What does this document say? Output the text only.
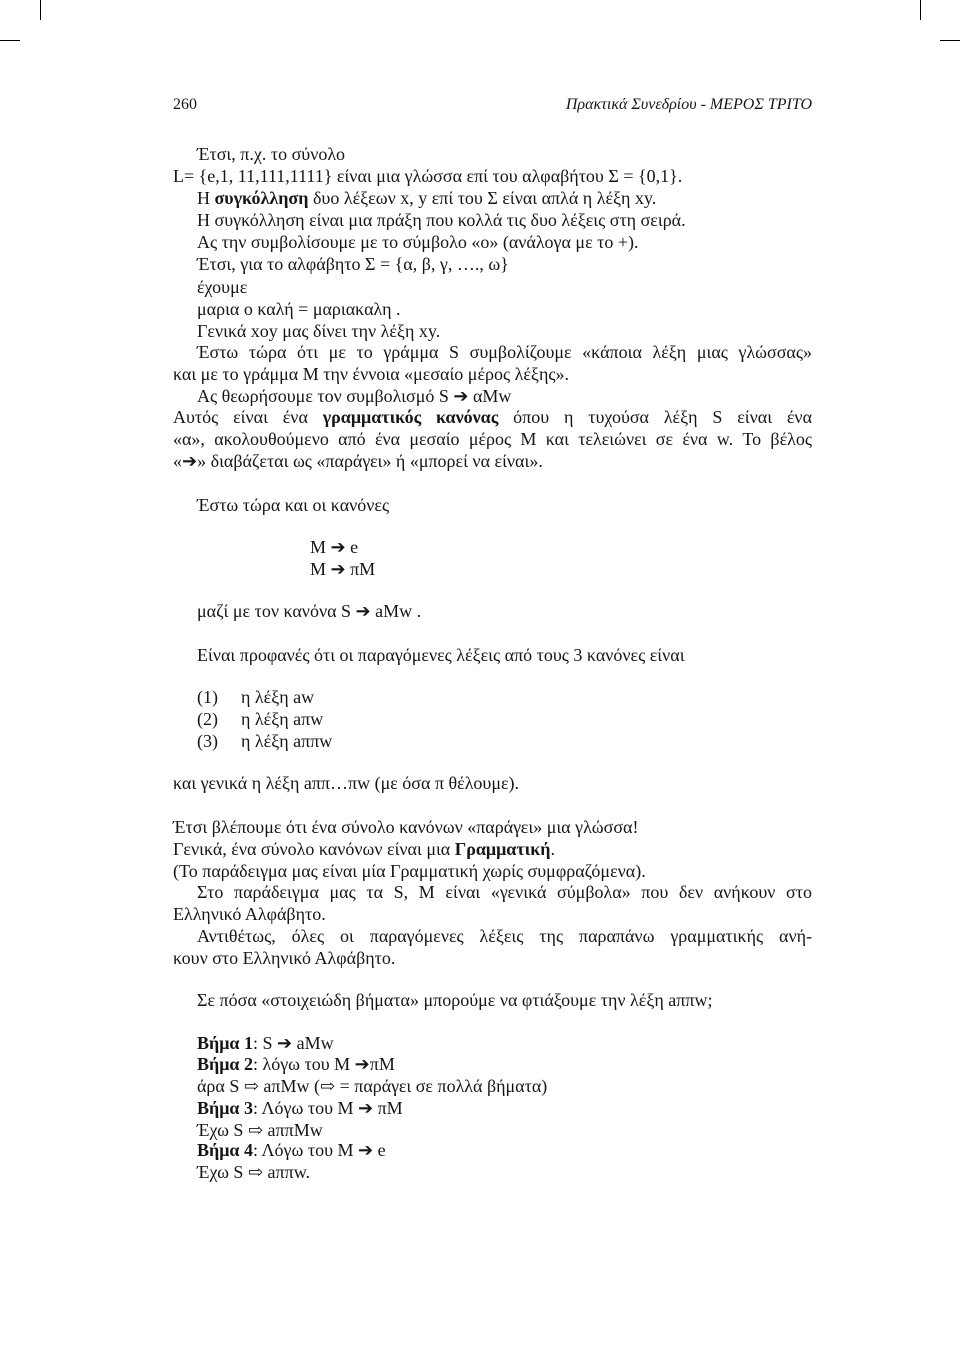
260	Πρακτικά Συνεδρίου - ΜΕΡΟΣ ΤΡΙΤΟ
Έτσι, π.χ. το σύνολο
L= {e,1, 11,111,1111} είναι μια γλώσσα επί του αλφαβήτου Σ = {0,1}.
Η συγκόλληση δυο λέξεων x, y επί του Σ είναι απλά η λέξη xy.
Η συγκόλληση είναι μια πράξη που κολλά τις δυο λέξεις στη σειρά.
Ας την συμβολίσουμε με το σύμβολο «ο» (ανάλογα με το +).
Έτσι, για το αλφάβητο Σ = {α, β, γ, …., ω}
έχουμε
μαρια ο καλή = μαριακαλη .
Γενικά xoy μας δίνει την λέξη xy.
Έστω τώρα ότι με το γράμμα S συμβολίζουμε «κάποια λέξη μιας γλώσσας»
και με το γράμμα Μ την έννοια «μεσαίο μέρος λέξης».
Ας θεωρήσουμε τον συμβολισμό S ➔ αMw
Αυτός είναι ένα γραμματικός κανόνας όπου η τυχούσα λέξη S είναι ένα
«α», ακολουθούμενο από ένα μεσαίο μέρος Μ και τελειώνει σε ένα w. Το βέλος
«➔» διαβάζεται ως «παράγει» ή «μπορεί να είναι».
Έστω τώρα και οι κανόνες
M ➔ e
M ➔ πM
μαζί με τον κανόνα S ➔ aMw .
Είναι προφανές ότι οι παραγόμενες λέξεις από τους 3 κανόνες είναι
(1) η λέξη aw
(2) η λέξη aπw
(3) η λέξη aππw
και γενικά η λέξη aππ…πw (με όσα π θέλουμε).
Έτσι βλέπουμε ότι ένα σύνολο κανόνων «παράγει» μια γλώσσα!
Γενικά, ένα σύνολο κανόνων είναι μια Γραμματική.
(Το παράδειγμα μας είναι μία Γραμματική χωρίς συμφραζόμενα).
Στο παράδειγμα μας τα S, M είναι «γενικά σύμβολα» που δεν ανήκουν στο
Ελληνικό Αλφάβητο.
Αντιθέτως, όλες οι παραγόμενες λέξεις της παραπάνω γραμματικής ανή-
κουν στο Ελληνικό Αλφάβητο.
Σε πόσα «στοιχειώδη βήματα» μπορούμε να φτιάξουμε την λέξη aππw;
Βήμα 1: S ➔ aMw
Βήμα 2: λόγω του M ➔πM
άρα S ⇨ aπMw (⇨ = παράγει σε πολλά βήματα)
Βήμα 3: Λόγω του M ➔ πM
Έχω S ⇨ aππMw
Βήμα 4: Λόγω του M ➔ e
Έχω S ⇨ aππw.
